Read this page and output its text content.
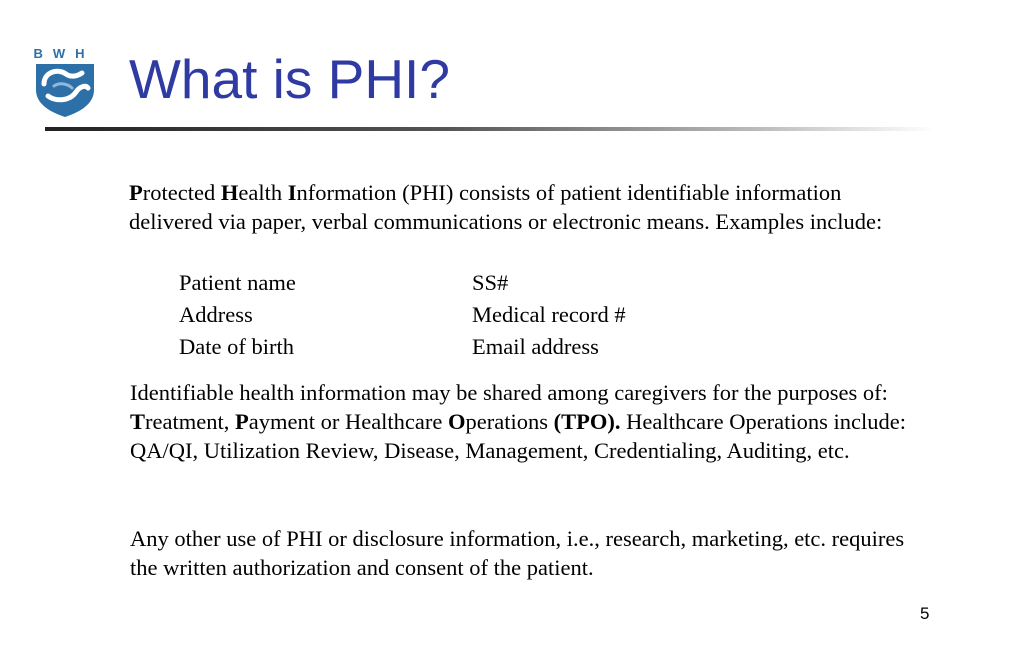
BWH What is PHI?
Protected Health Information (PHI) consists of patient identifiable information delivered via paper, verbal communications or electronic means. Examples include:
Patient name	SS#
Address	Medical record #
Date of birth	Email address
Identifiable health information may be shared among caregivers for the purposes of: Treatment, Payment or Healthcare Operations (TPO). Healthcare Operations include: QA/QI, Utilization Review, Disease, Management, Credentialing, Auditing, etc.
Any other use of PHI or disclosure information, i.e., research, marketing, etc. requires the written authorization and consent of the patient.
5
